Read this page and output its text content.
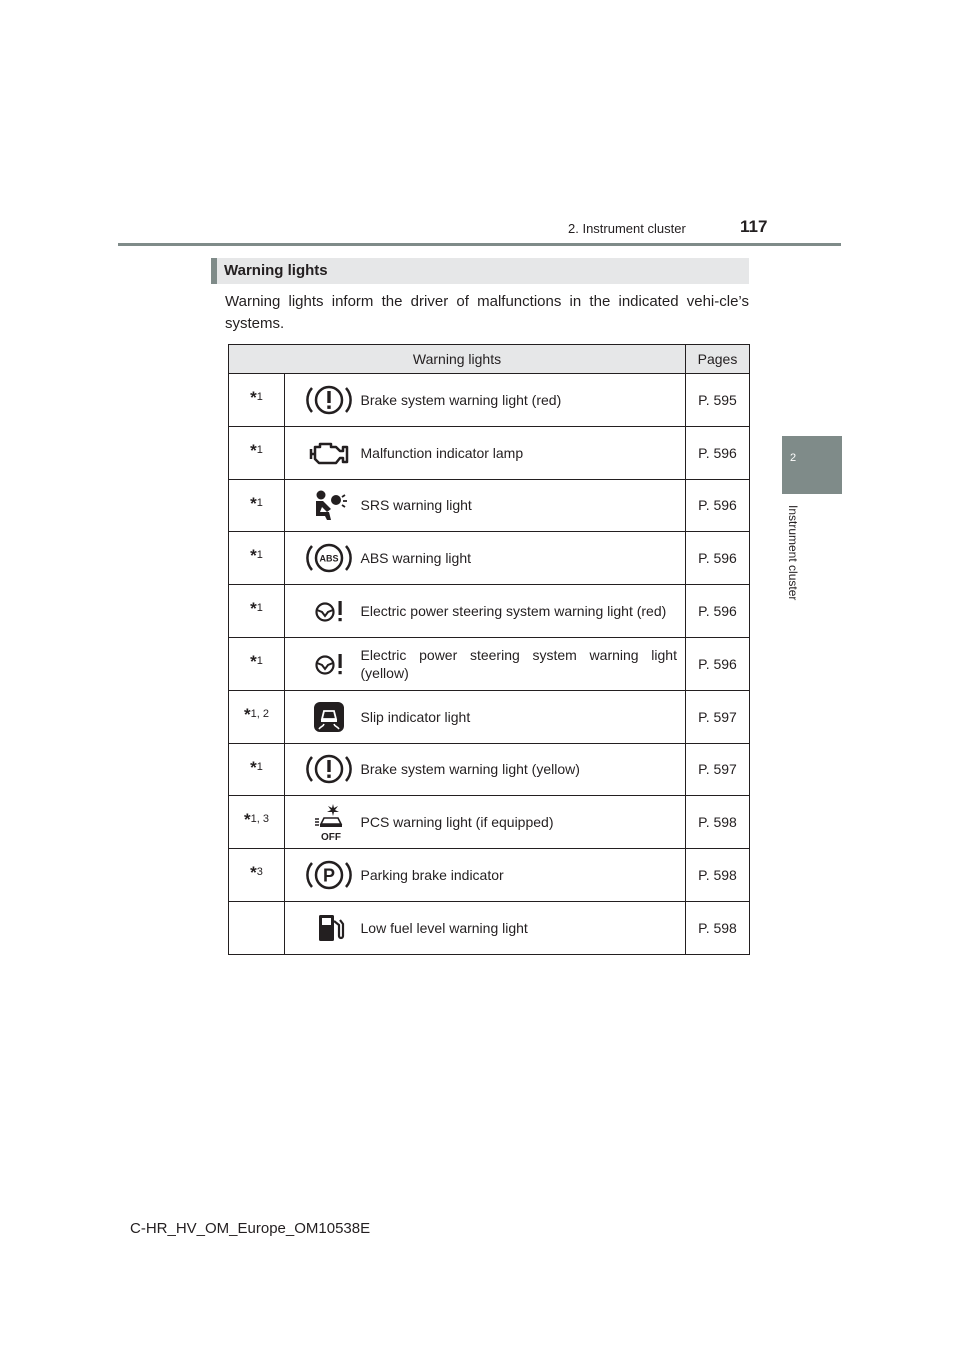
2. Instrument cluster	117
2
Instrument cluster
Warning lights
Warning lights inform the driver of malfunctions in the indicated vehi-cle’s systems.
Warning lights			Pages
*1		Brake system warning light (red)	P. 595
*1		Malfunction indicator lamp	P. 596
*1		SRS warning light	P. 596
*1	ABS	ABS warning light	P. 596
*1		Electric power steering system warning light (red)	P. 596
*1		Electric power steering system warning light (yellow)	P. 596
*1, 2		Slip indicator light	P. 597
*1		Brake system warning light (yellow)	P. 597
*1, 3	OFF	PCS warning light (if equipped)	P. 598
*3	P	Parking brake indicator	P. 598
		Low fuel level warning light	P. 598
C-HR_HV_OM_Europe_OM10538E
